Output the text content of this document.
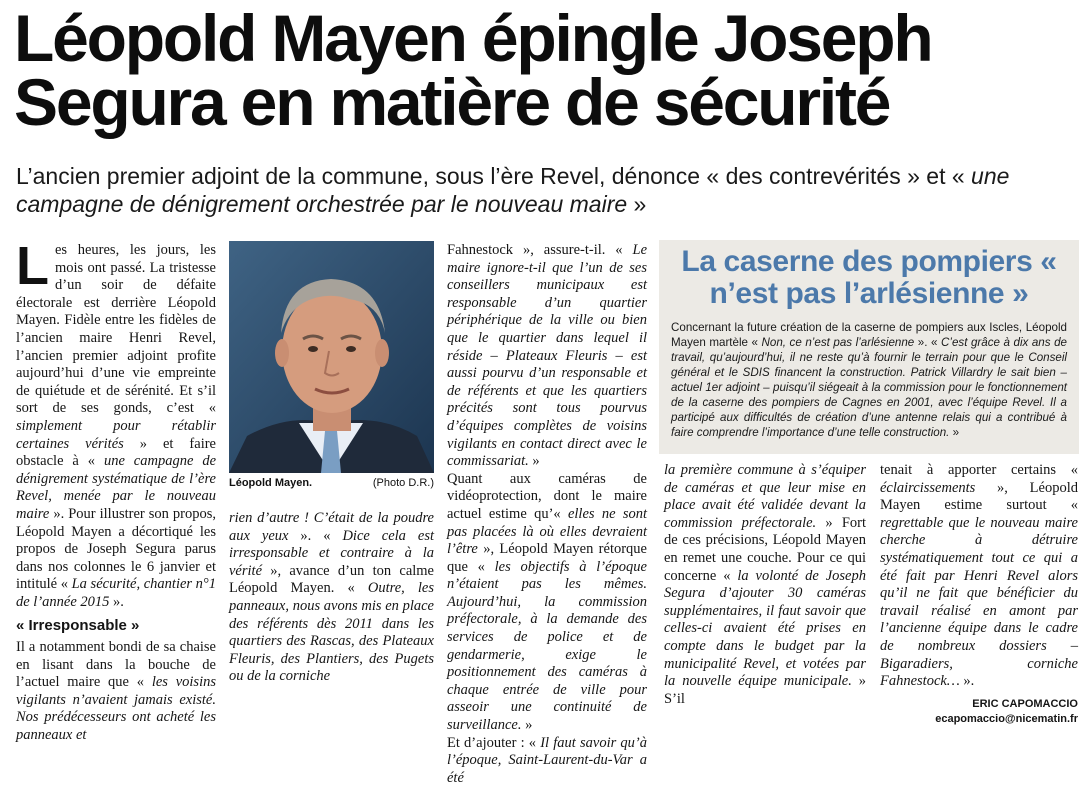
Léopold Mayen épingle Joseph Segura en matière de sécurité

L’ancien premier adjoint de la commune, sous l’ère Revel, dénonce « des contrevérités » et « une campagne de dénigrement orchestrée par le nouveau maire »

Les heures, les jours, les mois ont passé. La tristesse d’un soir de défaite électorale est derrière Léopold Mayen. Fidèle entre les fidèles de l’ancien maire Henri Revel, l’ancien premier adjoint profite aujourd’hui d’une vie empreinte de quiétude et de sérénité. Et s’il sort de ses gonds, c’est « simplement pour rétablir certaines vérités » et faire obstacle à « une campagne de dénigrement systématique de l’ère Revel, menée par le nouveau maire ». Pour illustrer son propos, Léopold Mayen a décortiqué les propos de Joseph Segura parus dans nos colonnes le 6 janvier et intitulé « La sécurité, chantier n°1 de l’année 2015 ».

« Irresponsable »

Il a notamment bondi de sa chaise en lisant dans la bouche de l’actuel maire que « les voisins vigilants n’avaient jamais existé. Nos prédécesseurs ont acheté les panneaux et

Léopold Mayen.	(Photo D.R.)

rien d’autre ! C’était de la poudre aux yeux ». « Dice cela est irresponsable et contraire à la vérité », avance d’un ton calme Léopold Mayen. « Outre, les panneaux, nous avons mis en place des référents dès 2011 dans les quartiers des Rascas, des Plateaux Fleuris, des Plantiers, des Pugets ou de la corniche

Fahnestock », assure-t-il. « Le maire ignore-t-il que l’un de ses conseillers municipaux est responsable d’un quartier périphérique de la ville ou bien que le quartier dans lequel il réside – Plateaux Fleuris – est aussi pourvu d’un responsable et de référents et que les quartiers précités sont tous pourvus d’équipes complètes de voisins vigilants en contact direct avec le commissariat. »

Quant aux caméras de vidéoprotection, dont le maire actuel estime qu’« elles ne sont pas placées là où elles devraient l’être », Léopold Mayen rétorque que « les objectifs à l’époque n’étaient pas les mêmes. Aujourd’hui, la commission préfectorale, à la demande des services de police et de gendarmerie, exige le positionnement des caméras à chaque entrée de ville pour asseoir une continuité de surveillance. »

Et d’ajouter : « Il faut savoir qu’à l’époque, Saint-Laurent-du-Var a été

La caserne des pompiers « n’est pas l’arlésienne »

Concernant la future création de la caserne de pompiers aux Iscles, Léopold Mayen martèle « Non, ce n’est pas l’arlésienne ». « C’est grâce à dix ans de travail, qu’aujourd’hui, il ne reste qu’à fournir le terrain pour que le Conseil général et le SDIS financent la construction. Patrick Villardry le sait bien – actuel 1er adjoint – puisqu’il siégeait à la commission pour le fonctionnement de la caserne des pompiers de Cagnes en 2001, avec l’équipe Revel. Il a participé aux difficultés de création d’une antenne relais qui a contribué à faire comprendre l’importance d’une telle construction. »

la première commune à s’équiper de caméras et que leur mise en place avait été validée devant la commission préfectorale. » Fort de ces précisions, Léopold Mayen en remet une couche. Pour ce qui concerne « la volonté de Joseph Segura d’ajouter 30 caméras supplémentaires, il faut savoir que celles-ci avaient été prises en compte dans le budget par la municipalité Revel, et votées par la nouvelle équipe municipale. » S’il

tenait à apporter certains « éclaircissements », Léopold Mayen estime surtout « regrettable que le nouveau maire cherche à détruire systématiquement tout ce qui a été fait par Henri Revel alors qu’il ne fait que bénéficier du travail réalisé en amont par l’ancienne équipe dans le cadre de nombreux dossiers – Bigaradiers, corniche Fahnestock… ».

ERIC CAPOMACCIO
ecapomaccio@nicematin.fr
